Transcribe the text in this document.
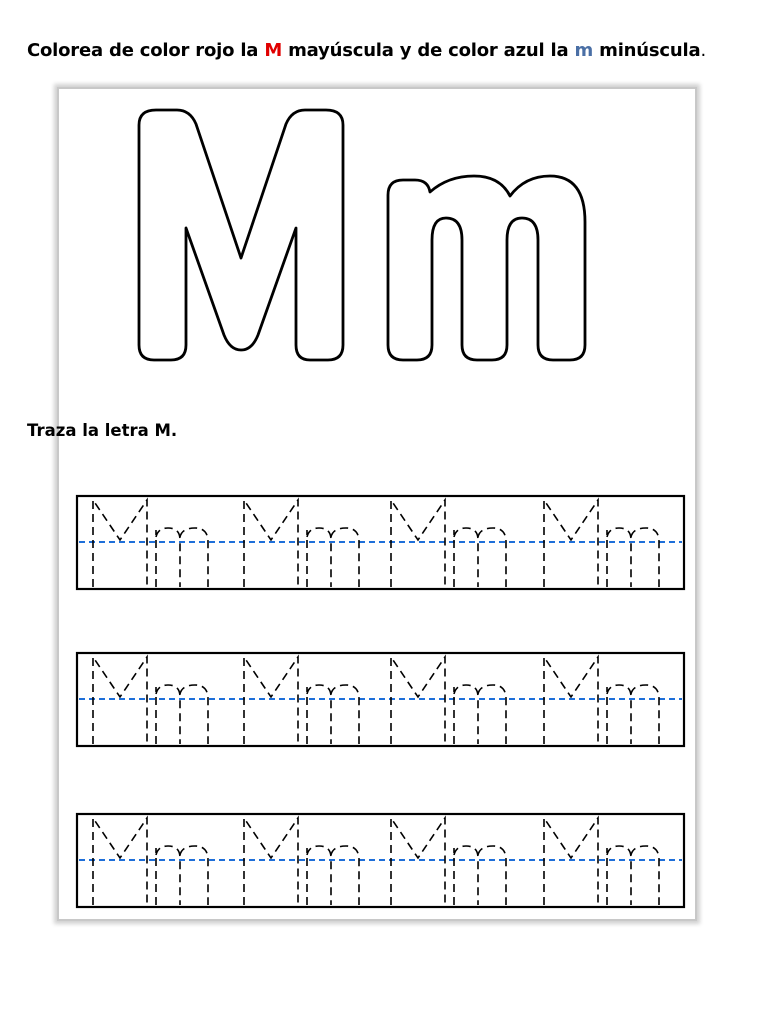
Colorea de color rojo la M mayúscula y de color azul la m minúscula.
Traza la letra M.
